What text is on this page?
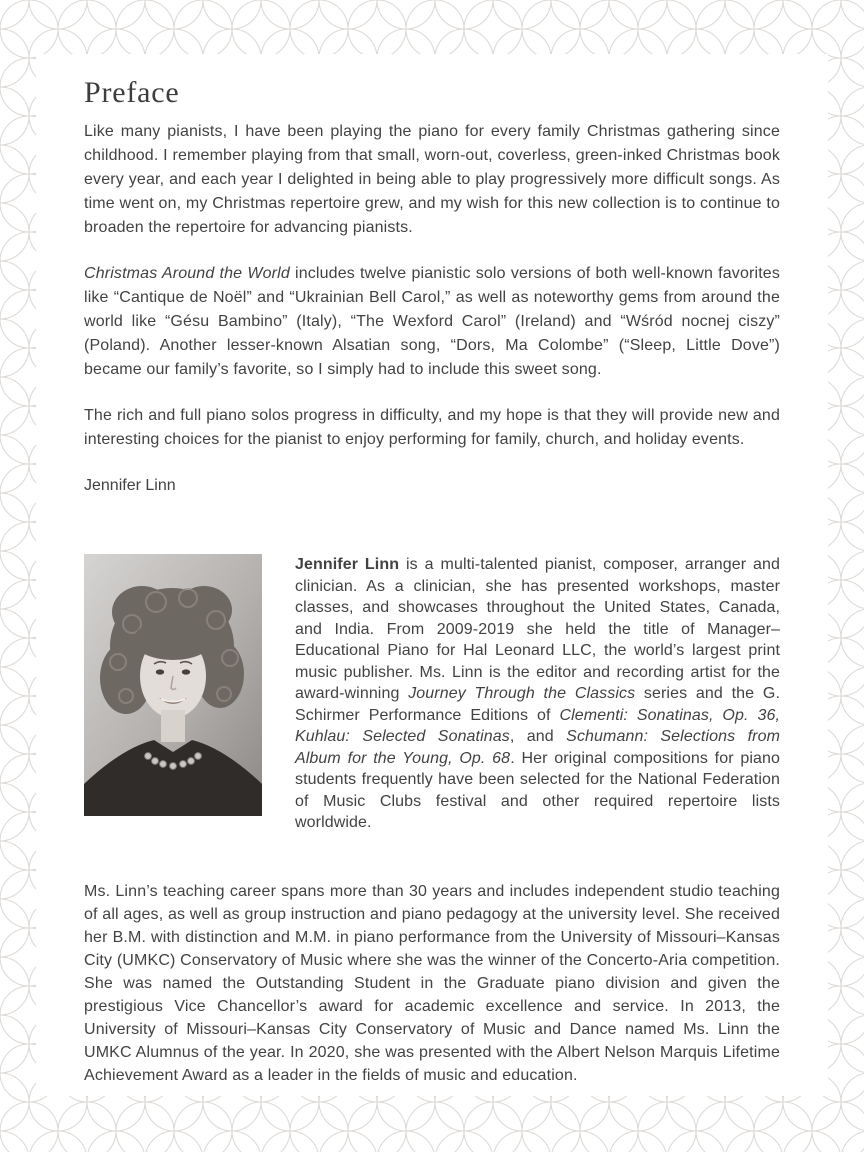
Preface

Like many pianists, I have been playing the piano for every family Christmas gathering since childhood. I remember playing from that small, worn-out, coverless, green-inked Christmas book every year, and each year I delighted in being able to play progressively more difficult songs. As time went on, my Christmas repertoire grew, and my wish for this new collection is to continue to broaden the repertoire for advancing pianists.

Christmas Around the World includes twelve pianistic solo versions of both well-known favorites like “Cantique de Noël” and “Ukrainian Bell Carol,” as well as noteworthy gems from around the world like “Gésu Bambino” (Italy), “The Wexford Carol” (Ireland) and “Wśród nocnej ciszy” (Poland). Another lesser-known Alsatian song, “Dors, Ma Colombe” (“Sleep, Little Dove”) became our family’s favorite, so I simply had to include this sweet song.

The rich and full piano solos progress in difficulty, and my hope is that they will provide new and interesting choices for the pianist to enjoy performing for family, church, and holiday events.

Jennifer Linn

Jennifer Linn is a multi-talented pianist, composer, arranger and clinician. As a clinician, she has presented workshops, master classes, and showcases throughout the United States, Canada, and India. From 2009-2019 she held the title of Manager–Educational Piano for Hal Leonard LLC, the world’s largest print music publisher. Ms. Linn is the editor and recording artist for the award-winning Journey Through the Classics series and the G. Schirmer Performance Editions of Clementi: Sonatinas, Op. 36, Kuhlau: Selected Sonatinas, and Schumann: Selections from Album for the Young, Op. 68. Her original compositions for piano students frequently have been selected for the National Federation of Music Clubs festival and other required repertoire lists worldwide.

Ms. Linn’s teaching career spans more than 30 years and includes independent studio teaching of all ages, as well as group instruction and piano pedagogy at the university level. She received her B.M. with distinction and M.M. in piano performance from the University of Missouri–Kansas City (UMKC) Conservatory of Music where she was the winner of the Concerto-Aria competition. She was named the Outstanding Student in the Graduate piano division and given the prestigious Vice Chancellor’s award for academic excellence and service. In 2013, the University of Missouri–Kansas City Conservatory of Music and Dance named Ms. Linn the UMKC Alumnus of the year. In 2020, she was presented with the Albert Nelson Marquis Lifetime Achievement Award as a leader in the fields of music and education.
